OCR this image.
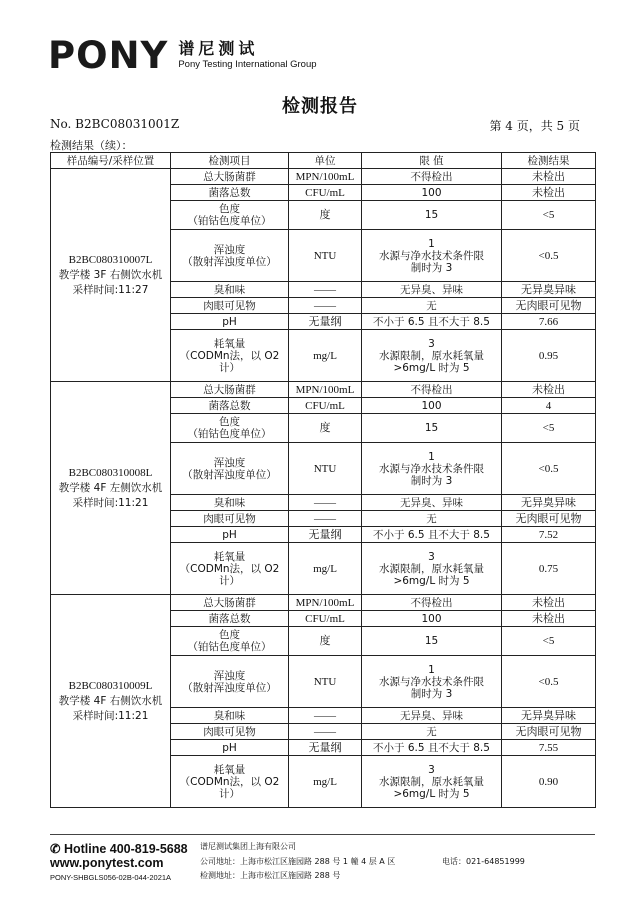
PONY 谱尼测试
Pony Testing International Group
检测报告
No. B2BC08031001Z	第 4 页，共 5 页
检测结果（续）：
样品编号/采样位置	检测项目	单位	限 值	检测结果

B2BC080310007L
教学楼 3F 右侧饮水机
采样时间:11:27	总大肠菌群	MPN/100mL	不得检出	未检出
	菌落总数	CFU/mL	100	未检出
	色度
（铂钴色度单位）	度	15	<5
	浑浊度
（散射浑浊度单位）	NTU	1
水源与净水技术条件限
制时为 3	<0.5
	臭和味	——	无异臭、异味	无异臭异味
	肉眼可见物	——	无	无肉眼可见物
	pH	无量纲	不小于 6.5 且不大于 8.5	7.66
	耗氧量
（CODMn法，以 O2计）	mg/L	3
水源限制，原水耗氧量
>6mg/L 时为 5	0.95

B2BC080310008L
教学楼 4F 左侧饮水机
采样时间:11:21	总大肠菌群	MPN/100mL	不得检出	未检出
	菌落总数	CFU/mL	100	4
	色度
（铂钴色度单位）	度	15	<5
	浑浊度
（散射浑浊度单位）	NTU	1
水源与净水技术条件限
制时为 3	<0.5
	臭和味	——	无异臭、异味	无异臭异味
	肉眼可见物	——	无	无肉眼可见物
	pH	无量纲	不小于 6.5 且不大于 8.5	7.52
	耗氧量
（CODMn法，以 O2计）	mg/L	3
水源限制，原水耗氧量
>6mg/L 时为 5	0.75

B2BC080310009L
教学楼 4F 右侧饮水机
采样时间:11:21	总大肠菌群	MPN/100mL	不得检出	未检出
	菌落总数	CFU/mL	100	未检出
	色度
（铂钴色度单位）	度	15	<5
	浑浊度
（散射浑浊度单位）	NTU	1
水源与净水技术条件限
制时为 3	<0.5
	臭和味	——	无异臭、异味	无异臭异味
	肉眼可见物	——	无	无肉眼可见物
	pH	无量纲	不小于 6.5 且不大于 8.5	7.55
	耗氧量
（CODMn法，以 O2计）	mg/L	3
水源限制，原水耗氧量
>6mg/L 时为 5	0.90
✆ Hotline 400-819-5688
www.ponytest.com
PONY-SHBGLS056-02B-044-2021A
谱尼测试集团上海有限公司
公司地址：上海市松江区施园路 288 号 1 幢 4 层 A 区
检测地址：上海市松江区施园路 288 号
电话：021-64851999
